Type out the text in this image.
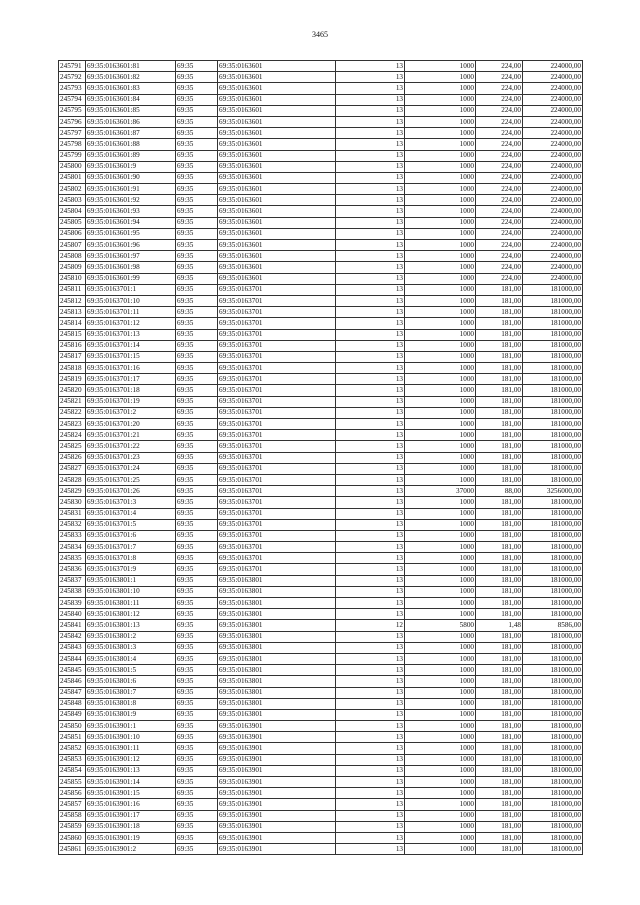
3465
245791	69:35:0163601:81	69:35	69:35:0163601	13	1000	224,00	224000,00
245792	69:35:0163601:82	69:35	69:35:0163601	13	1000	224,00	224000,00
245793	69:35:0163601:83	69:35	69:35:0163601	13	1000	224,00	224000,00
245794	69:35:0163601:84	69:35	69:35:0163601	13	1000	224,00	224000,00
245795	69:35:0163601:85	69:35	69:35:0163601	13	1000	224,00	224000,00
245796	69:35:0163601:86	69:35	69:35:0163601	13	1000	224,00	224000,00
245797	69:35:0163601:87	69:35	69:35:0163601	13	1000	224,00	224000,00
245798	69:35:0163601:88	69:35	69:35:0163601	13	1000	224,00	224000,00
245799	69:35:0163601:89	69:35	69:35:0163601	13	1000	224,00	224000,00
245800	69:35:0163601:9	69:35	69:35:0163601	13	1000	224,00	224000,00
245801	69:35:0163601:90	69:35	69:35:0163601	13	1000	224,00	224000,00
245802	69:35:0163601:91	69:35	69:35:0163601	13	1000	224,00	224000,00
245803	69:35:0163601:92	69:35	69:35:0163601	13	1000	224,00	224000,00
245804	69:35:0163601:93	69:35	69:35:0163601	13	1000	224,00	224000,00
245805	69:35:0163601:94	69:35	69:35:0163601	13	1000	224,00	224000,00
245806	69:35:0163601:95	69:35	69:35:0163601	13	1000	224,00	224000,00
245807	69:35:0163601:96	69:35	69:35:0163601	13	1000	224,00	224000,00
245808	69:35:0163601:97	69:35	69:35:0163601	13	1000	224,00	224000,00
245809	69:35:0163601:98	69:35	69:35:0163601	13	1000	224,00	224000,00
245810	69:35:0163601:99	69:35	69:35:0163601	13	1000	224,00	224000,00
245811	69:35:0163701:1	69:35	69:35:0163701	13	1000	181,00	181000,00
245812	69:35:0163701:10	69:35	69:35:0163701	13	1000	181,00	181000,00
245813	69:35:0163701:11	69:35	69:35:0163701	13	1000	181,00	181000,00
245814	69:35:0163701:12	69:35	69:35:0163701	13	1000	181,00	181000,00
245815	69:35:0163701:13	69:35	69:35:0163701	13	1000	181,00	181000,00
245816	69:35:0163701:14	69:35	69:35:0163701	13	1000	181,00	181000,00
245817	69:35:0163701:15	69:35	69:35:0163701	13	1000	181,00	181000,00
245818	69:35:0163701:16	69:35	69:35:0163701	13	1000	181,00	181000,00
245819	69:35:0163701:17	69:35	69:35:0163701	13	1000	181,00	181000,00
245820	69:35:0163701:18	69:35	69:35:0163701	13	1000	181,00	181000,00
245821	69:35:0163701:19	69:35	69:35:0163701	13	1000	181,00	181000,00
245822	69:35:0163701:2	69:35	69:35:0163701	13	1000	181,00	181000,00
245823	69:35:0163701:20	69:35	69:35:0163701	13	1000	181,00	181000,00
245824	69:35:0163701:21	69:35	69:35:0163701	13	1000	181,00	181000,00
245825	69:35:0163701:22	69:35	69:35:0163701	13	1000	181,00	181000,00
245826	69:35:0163701:23	69:35	69:35:0163701	13	1000	181,00	181000,00
245827	69:35:0163701:24	69:35	69:35:0163701	13	1000	181,00	181000,00
245828	69:35:0163701:25	69:35	69:35:0163701	13	1000	181,00	181000,00
245829	69:35:0163701:26	69:35	69:35:0163701	13	37000	88,00	3256000,00
245830	69:35:0163701:3	69:35	69:35:0163701	13	1000	181,00	181000,00
245831	69:35:0163701:4	69:35	69:35:0163701	13	1000	181,00	181000,00
245832	69:35:0163701:5	69:35	69:35:0163701	13	1000	181,00	181000,00
245833	69:35:0163701:6	69:35	69:35:0163701	13	1000	181,00	181000,00
245834	69:35:0163701:7	69:35	69:35:0163701	13	1000	181,00	181000,00
245835	69:35:0163701:8	69:35	69:35:0163701	13	1000	181,00	181000,00
245836	69:35:0163701:9	69:35	69:35:0163701	13	1000	181,00	181000,00
245837	69:35:0163801:1	69:35	69:35:0163801	13	1000	181,00	181000,00
245838	69:35:0163801:10	69:35	69:35:0163801	13	1000	181,00	181000,00
245839	69:35:0163801:11	69:35	69:35:0163801	13	1000	181,00	181000,00
245840	69:35:0163801:12	69:35	69:35:0163801	13	1000	181,00	181000,00
245841	69:35:0163801:13	69:35	69:35:0163801	12	5800	1,48	8586,00
245842	69:35:0163801:2	69:35	69:35:0163801	13	1000	181,00	181000,00
245843	69:35:0163801:3	69:35	69:35:0163801	13	1000	181,00	181000,00
245844	69:35:0163801:4	69:35	69:35:0163801	13	1000	181,00	181000,00
245845	69:35:0163801:5	69:35	69:35:0163801	13	1000	181,00	181000,00
245846	69:35:0163801:6	69:35	69:35:0163801	13	1000	181,00	181000,00
245847	69:35:0163801:7	69:35	69:35:0163801	13	1000	181,00	181000,00
245848	69:35:0163801:8	69:35	69:35:0163801	13	1000	181,00	181000,00
245849	69:35:0163801:9	69:35	69:35:0163801	13	1000	181,00	181000,00
245850	69:35:0163901:1	69:35	69:35:0163901	13	1000	181,00	181000,00
245851	69:35:0163901:10	69:35	69:35:0163901	13	1000	181,00	181000,00
245852	69:35:0163901:11	69:35	69:35:0163901	13	1000	181,00	181000,00
245853	69:35:0163901:12	69:35	69:35:0163901	13	1000	181,00	181000,00
245854	69:35:0163901:13	69:35	69:35:0163901	13	1000	181,00	181000,00
245855	69:35:0163901:14	69:35	69:35:0163901	13	1000	181,00	181000,00
245856	69:35:0163901:15	69:35	69:35:0163901	13	1000	181,00	181000,00
245857	69:35:0163901:16	69:35	69:35:0163901	13	1000	181,00	181000,00
245858	69:35:0163901:17	69:35	69:35:0163901	13	1000	181,00	181000,00
245859	69:35:0163901:18	69:35	69:35:0163901	13	1000	181,00	181000,00
245860	69:35:0163901:19	69:35	69:35:0163901	13	1000	181,00	181000,00
245861	69:35:0163901:2	69:35	69:35:0163901	13	1000	181,00	181000,00
